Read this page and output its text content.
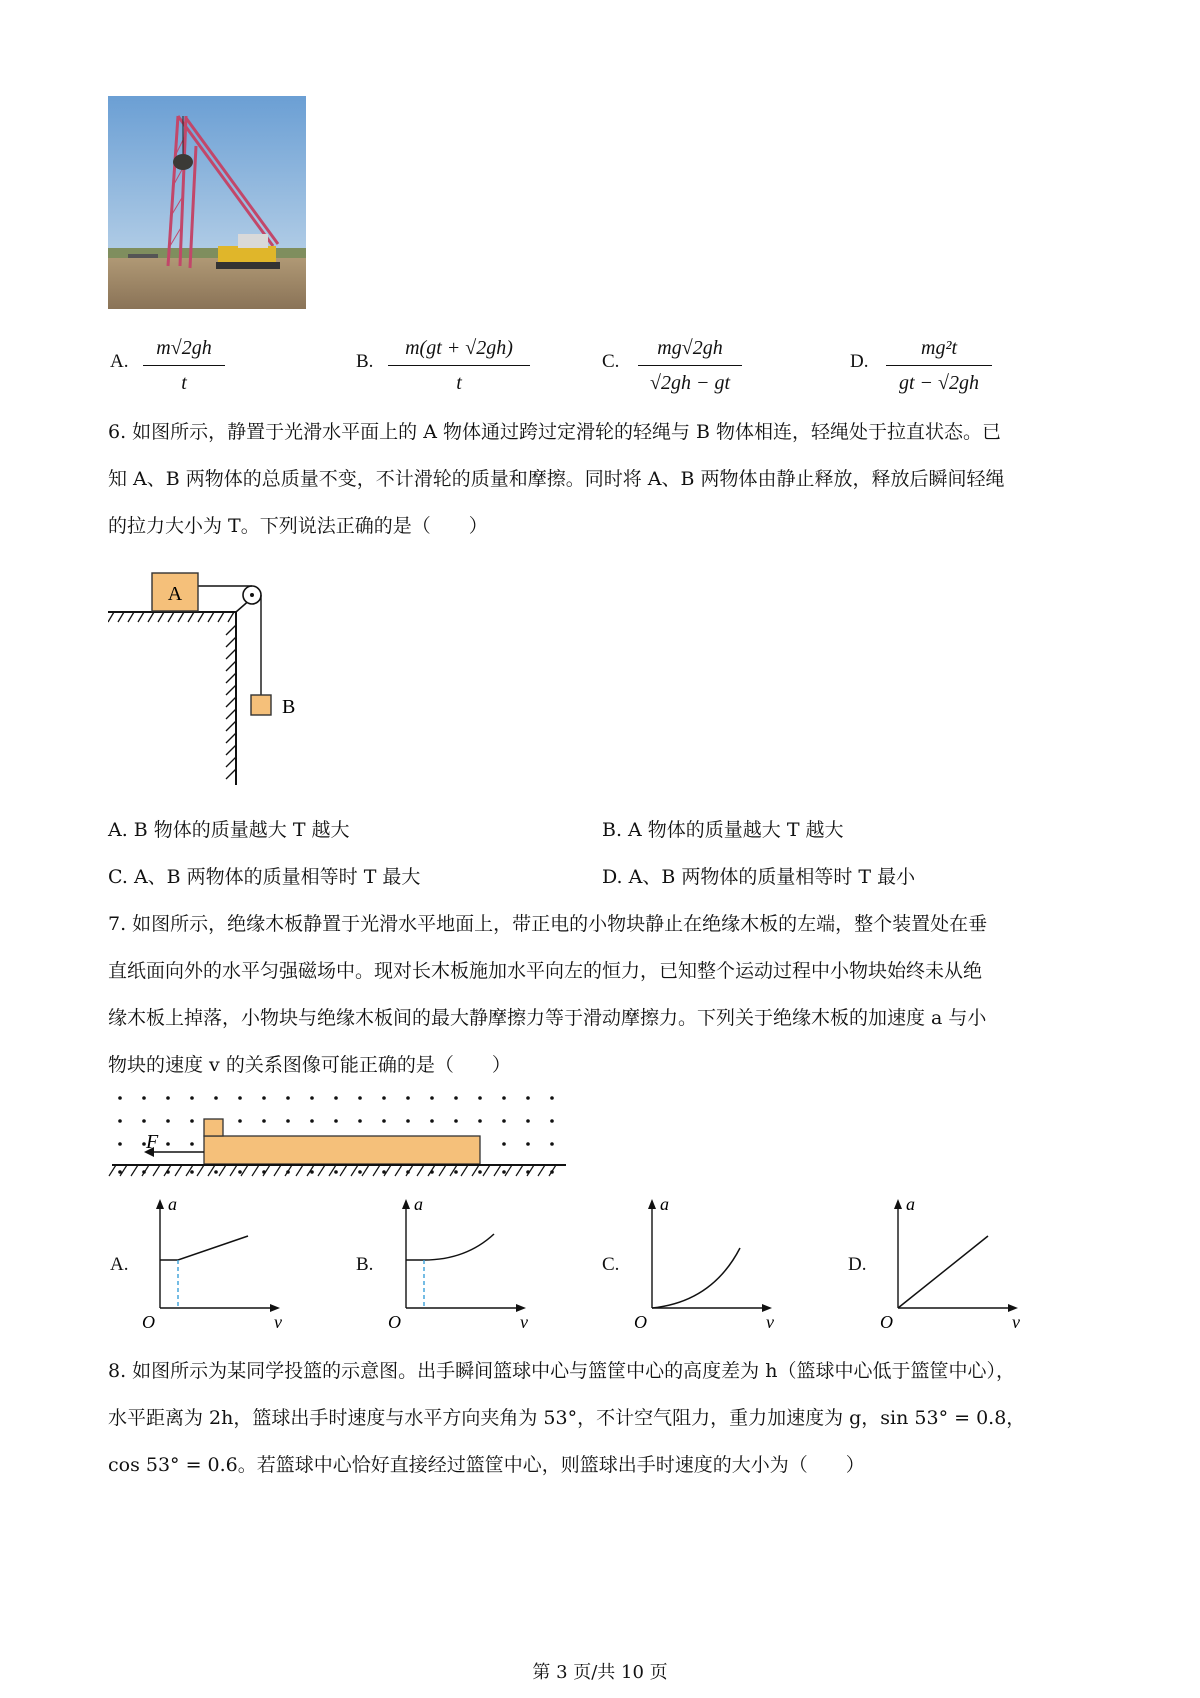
A.
m√2gh
t
B.
m(gt + √2gh)
t
C.
mg√2gh
√2gh − gt
D.
mg²t
gt − √2gh
6. 如图所示，静置于光滑水平面上的 A 物体通过跨过定滑轮的轻绳与 B 物体相连，轻绳处于拉直状态。已
知 A、B 两物体的总质量不变，不计滑轮的质量和摩擦。同时将 A、B 两物体由静止释放，释放后瞬间轻绳
的拉力大小为 T。下列说法正确的是（　　）
A
B
A. B 物体的质量越大 T 越大	B. A 物体的质量越大 T 越大
C. A、B 两物体的质量相等时 T 最大	D. A、B 两物体的质量相等时 T 最小
7. 如图所示，绝缘木板静置于光滑水平地面上，带正电的小物块静止在绝缘木板的左端，整个装置处在垂
直纸面向外的水平匀强磁场中。现对长木板施加水平向左的恒力，已知整个运动过程中小物块始终未从绝
缘木板上掉落，小物块与绝缘木板间的最大静摩擦力等于滑动摩擦力。下列关于绝缘木板的加速度 a 与小
物块的速度 v 的关系图像可能正确的是（　　）
F
A.	B.	C.	D.
a
v
O
a
v
O
a
v
O
a
v
O
8. 如图所示为某同学投篮的示意图。出手瞬间篮球中心与篮筐中心的高度差为 h（篮球中心低于篮筐中心），
水平距离为 2h，篮球出手时速度与水平方向夹角为 53°，不计空气阻力，重力加速度为 g，sin 53° = 0.8，
cos 53° = 0.6。若篮球中心恰好直接经过篮筐中心，则篮球出手时速度的大小为（　　）
第 3 页/共 10 页
